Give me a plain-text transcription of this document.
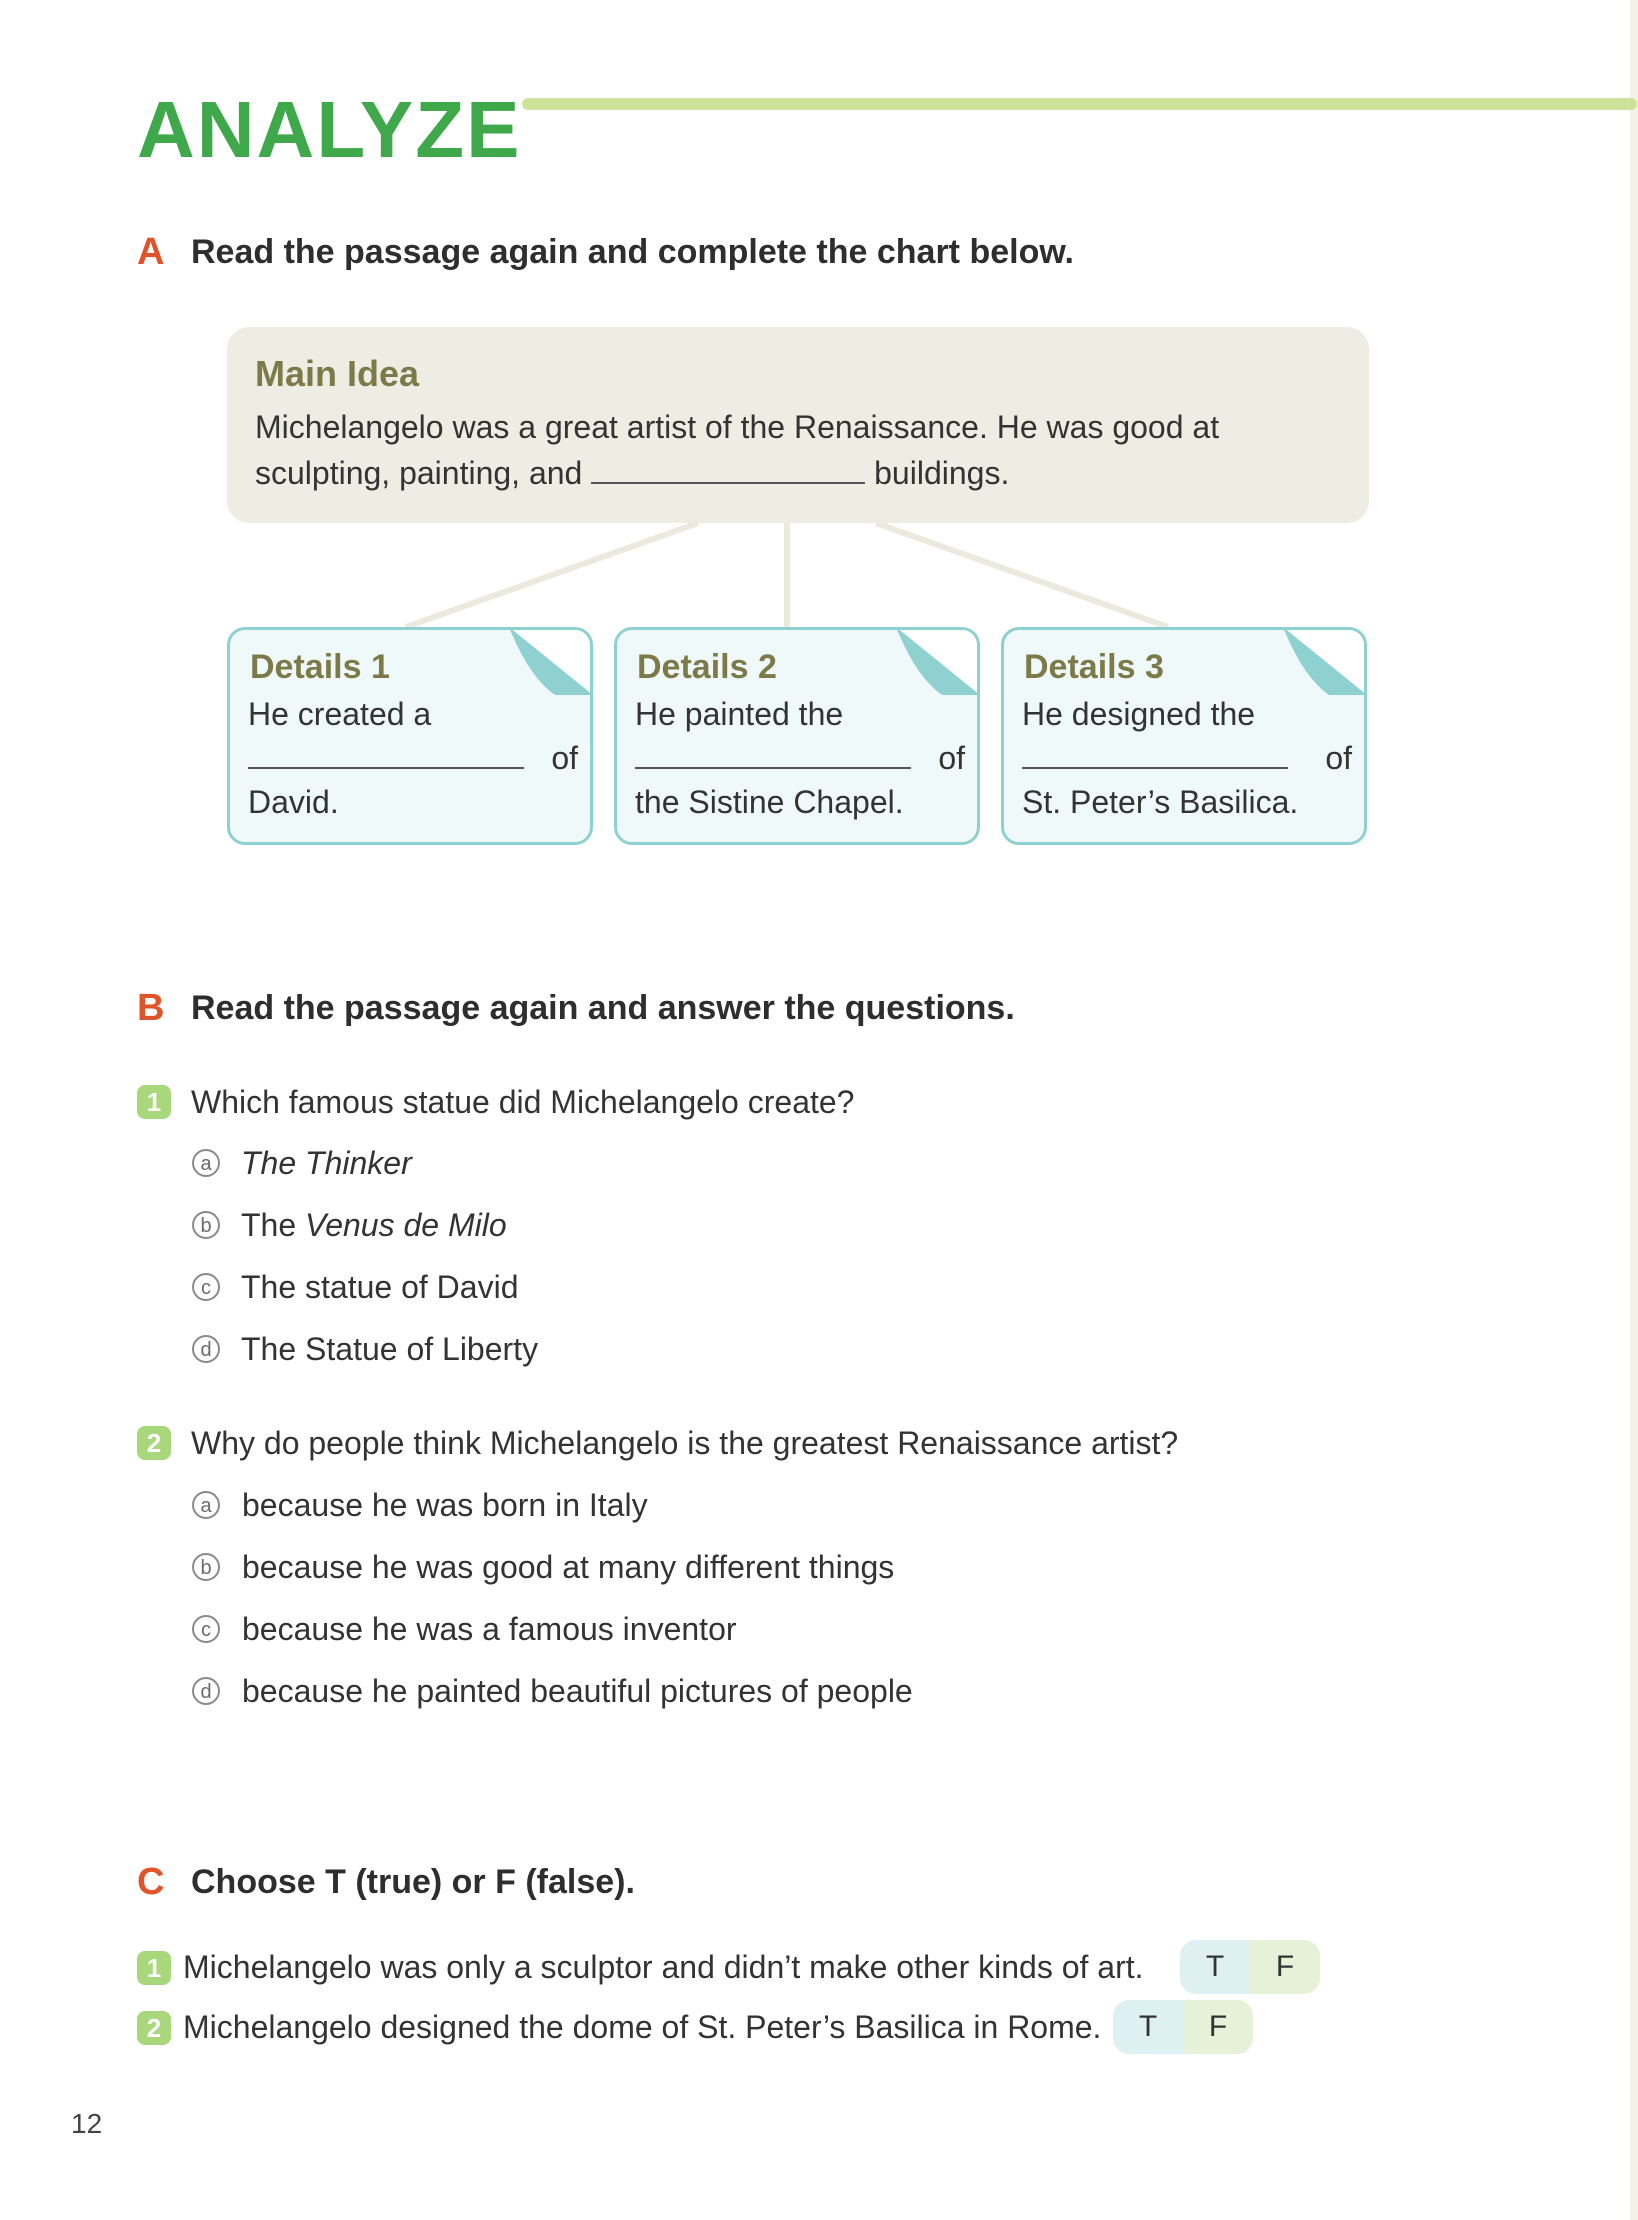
ANALYZE
A Read the passage again and complete the chart below.
Main Idea
Michelangelo was a great artist of the Renaissance. He was good at
sculpting, painting, and	buildings.
Details 1
He created a
of
David.
Details 2
He painted the
of
the Sistine Chapel.
Details 3
He designed the
of
St. Peter’s Basilica.
B Read the passage again and answer the questions.
1 Which famous statue did Michelangelo create?
a The Thinker
b The Venus de Milo
c The statue of David
d The Statue of Liberty
2 Why do people think Michelangelo is the greatest Renaissance artist?
a because he was born in Italy
b because he was good at many different things
c because he was a famous inventor
d because he painted beautiful pictures of people
C Choose T (true) or F (false).
1 Michelangelo was only a sculptor and didn’t make other kinds of art.	T	F
2 Michelangelo designed the dome of St. Peter’s Basilica in Rome.	T	F
12
